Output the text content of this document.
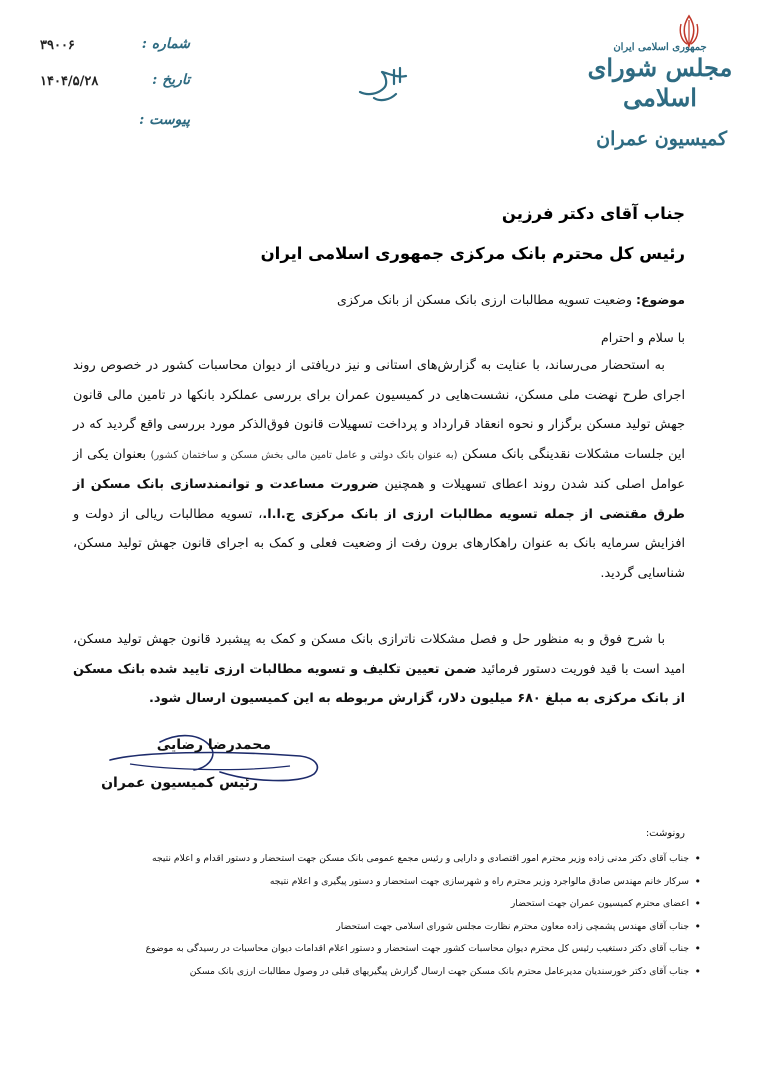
جمهوری اسلامی ایران
مجلس شورای اسلامی
کمیسیون عمران
شماره :
۳۹۰۰۶
تاریخ :
۱۴۰۴/۵/۲۸
پیوست :
جناب آقای دکتر فرزین
رئیس کل محترم بانک مرکزی جمهوری اسلامی ایران
موضوع: وضعیت تسویه مطالبات ارزی بانک مسکن از بانک مرکزی
با سلام و احترام
به استحضار می‌رساند، با عنایت به گزارش‌های استانی و نیز دریافتی از دیوان محاسبات کشور در خصوص روند اجرای طرح نهضت ملی مسکن، نشست‌هایی در کمیسیون عمران برای بررسی عملکرد بانکها در تامین مالی قانون جهش تولید مسکن برگزار و نحوه انعقاد قرارداد و پرداخت تسهیلات قانون فوق‌الذکر مورد بررسی واقع گردید که در این جلسات مشکلات نقدینگی بانک مسکن (به عنوان بانک دولتی و عامل تامین مالی بخش مسکن و ساختمان کشور) بعنوان یکی از عوامل اصلی کند شدن روند اعطای تسهیلات و همچنین ضرورت مساعدت و توانمندسازی بانک مسکن از طرق مقتضی از جمله تسویه مطالبات ارزی از بانک مرکزی ج.ا.ا.، تسویه مطالبات ریالی از دولت و افزایش سرمایه بانک به عنوان راهکارهای برون رفت از وضعیت فعلی و کمک به اجرای قانون جهش تولید مسکن، شناسایی گردید.
با شرح فوق و به منظور حل و فصل مشکلات ناترازی بانک مسکن و کمک به پیشبرد قانون جهش تولید مسکن، امید است با قید فوریت دستور فرمائید ضمن تعیین تکلیف و تسویه مطالبات ارزی تایید شده بانک مسکن از بانک مرکزی به مبلغ ۶۸۰ میلیون دلار، گزارش مربوطه به این کمیسیون ارسال شود.
محمدرضا رضایی
رئیس کمیسیون عمران
رونوشت:
• جناب آقای دکتر مدنی زاده وزیر محترم امور اقتصادی و دارایی و رئیس مجمع عمومی بانک مسکن جهت استحضار و دستور اقدام و اعلام نتیجه
• سرکار خانم مهندس صادق مالواجرد وزیر محترم راه و شهرسازی جهت استحضار و دستور پیگیری و اعلام نتیجه
• اعضای محترم کمیسیون عمران جهت استحضار
• جناب آقای مهندس پشمچی زاده معاون محترم نظارت مجلس شورای اسلامی جهت استحضار
• جناب آقای دکتر دستغیب رئیس کل محترم دیوان محاسبات کشور جهت استحضار و دستور اعلام اقدامات دیوان محاسبات در رسیدگی به موضوع
• جناب آقای دکتر خورسندیان مدیرعامل محترم بانک مسکن جهت ارسال گزارش پیگیریهای قبلی در وصول مطالبات ارزی بانک مسکن
